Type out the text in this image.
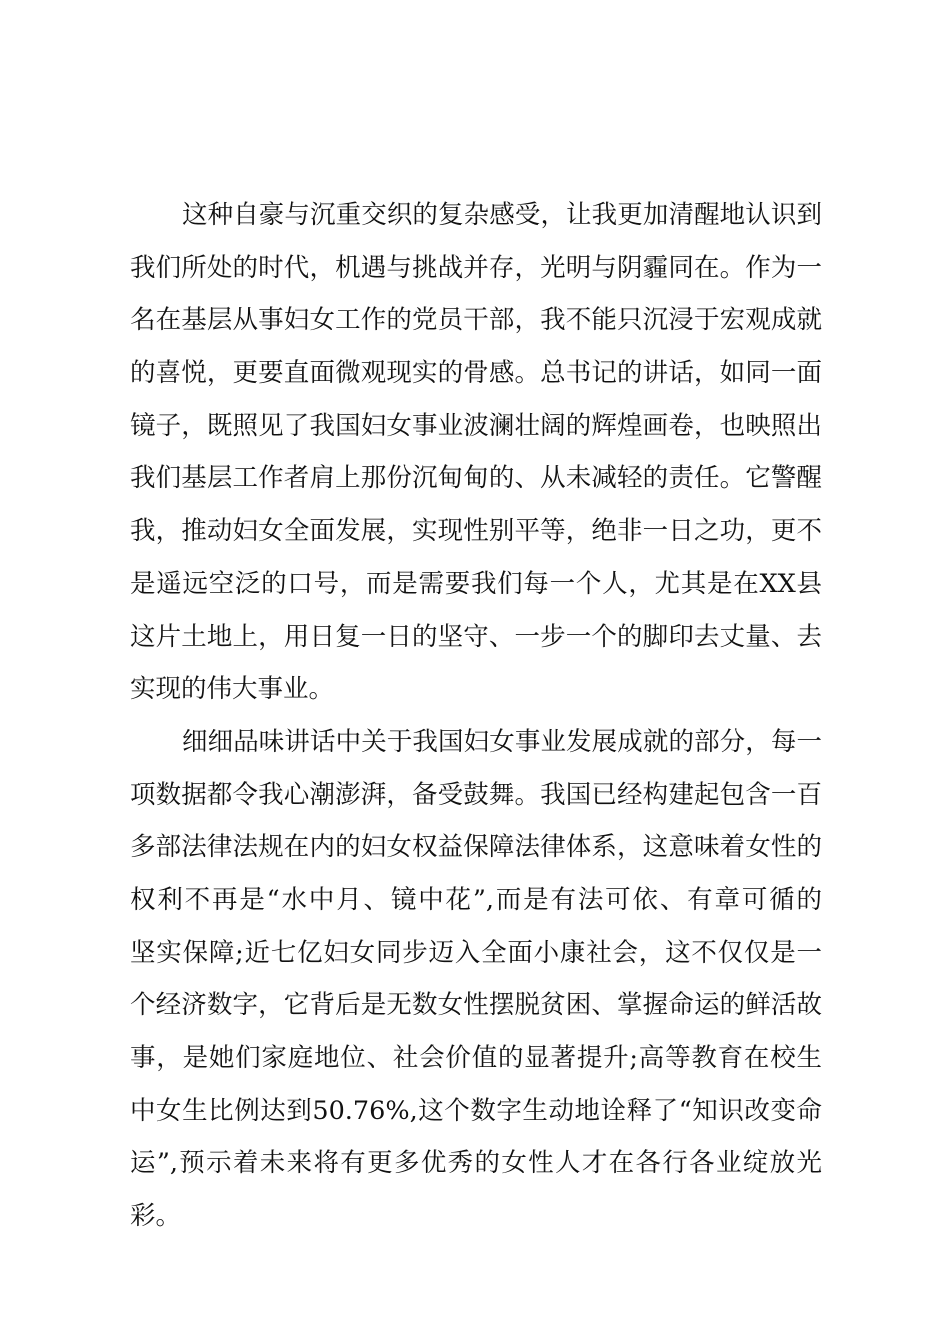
这种自豪与沉重交织的复杂感受，让我更加清醒地认识到
我们所处的时代，机遇与挑战并存，光明与阴霾同在。作为一
名在基层从事妇女工作的党员干部，我不能只沉浸于宏观成就
的喜悦，更要直面微观现实的骨感。总书记的讲话，如同一面
镜子，既照见了我国妇女事业波澜壮阔的辉煌画卷，也映照出
我们基层工作者肩上那份沉甸甸的、从未减轻的责任。它警醒
我，推动妇女全面发展，实现性别平等，绝非一日之功，更不
是遥远空泛的口号，而是需要我们每一个人，尤其是在XX县
这片土地上，用日复一日的坚守、一步一个的脚印去丈量、去
实现的伟大事业。
细细品味讲话中关于我国妇女事业发展成就的部分，每一
项数据都令我心潮澎湃，备受鼓舞。我国已经构建起包含一百
多部法律法规在内的妇女权益保障法律体系，这意味着女性的
权利不再是“水中月、镜中花”,而是有法可依、有章可循的
坚实保障;近七亿妇女同步迈入全面小康社会，这不仅仅是一
个经济数字，它背后是无数女性摆脱贫困、掌握命运的鲜活故
事，是她们家庭地位、社会价值的显著提升;高等教育在校生
中女生比例达到50.76%,这个数字生动地诠释了“知识改变命
运”,预示着未来将有更多优秀的女性人才在各行各业绽放光
彩。
